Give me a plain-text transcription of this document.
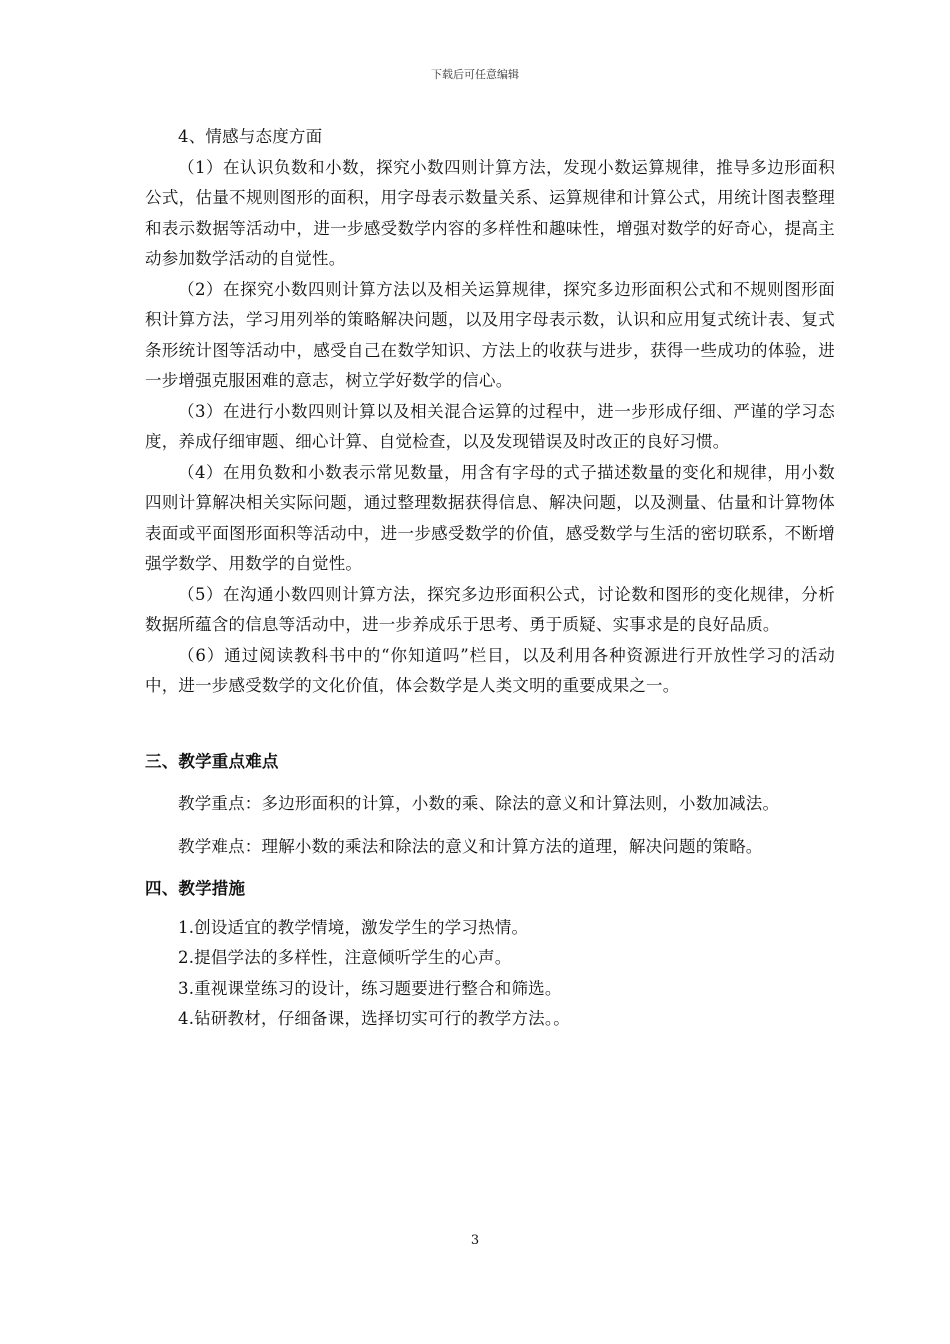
下载后可任意编辑

4、情感与态度方面

（1）在认识负数和小数，探究小数四则计算方法，发现小数运算规律，推导多边形面积公式，估量不规则图形的面积，用字母表示数量关系、运算规律和计算公式，用统计图表整理和表示数据等活动中，进一步感受数学内容的多样性和趣味性，增强对数学的好奇心，提高主动参加数学活动的自觉性。

（2）在探究小数四则计算方法以及相关运算规律，探究多边形面积公式和不规则图形面积计算方法，学习用列举的策略解决问题，以及用字母表示数，认识和应用复式统计表、复式条形统计图等活动中，感受自己在数学知识、方法上的收获与进步，获得一些成功的体验，进一步增强克服困难的意志，树立学好数学的信心。

（3）在进行小数四则计算以及相关混合运算的过程中，进一步形成仔细、严谨的学习态度，养成仔细审题、细心计算、自觉检查，以及发现错误及时改正的良好习惯。

（4）在用负数和小数表示常见数量，用含有字母的式子描述数量的变化和规律，用小数四则计算解决相关实际问题，通过整理数据获得信息、解决问题，以及测量、估量和计算物体表面或平面图形面积等活动中，进一步感受数学的价值，感受数学与生活的密切联系，不断增强学数学、用数学的自觉性。

（5）在沟通小数四则计算方法，探究多边形面积公式，讨论数和图形的变化规律，分析数据所蕴含的信息等活动中，进一步养成乐于思考、勇于质疑、实事求是的良好品质。

（6）通过阅读教科书中的“你知道吗”栏目，以及利用各种资源进行开放性学习的活动中，进一步感受数学的文化价值，体会数学是人类文明的重要成果之一。

三、教学重点难点

教学重点：多边形面积的计算，小数的乘、除法的意义和计算法则，小数加减法。

教学难点：理解小数的乘法和除法的意义和计算方法的道理，解决问题的策略。

四、教学措施

1.创设适宜的教学情境，激发学生的学习热情。

2.提倡学法的多样性，注意倾听学生的心声。

3.重视课堂练习的设计，练习题要进行整合和筛选。

4.钻研教材，仔细备课，选择切实可行的教学方法。。

3
